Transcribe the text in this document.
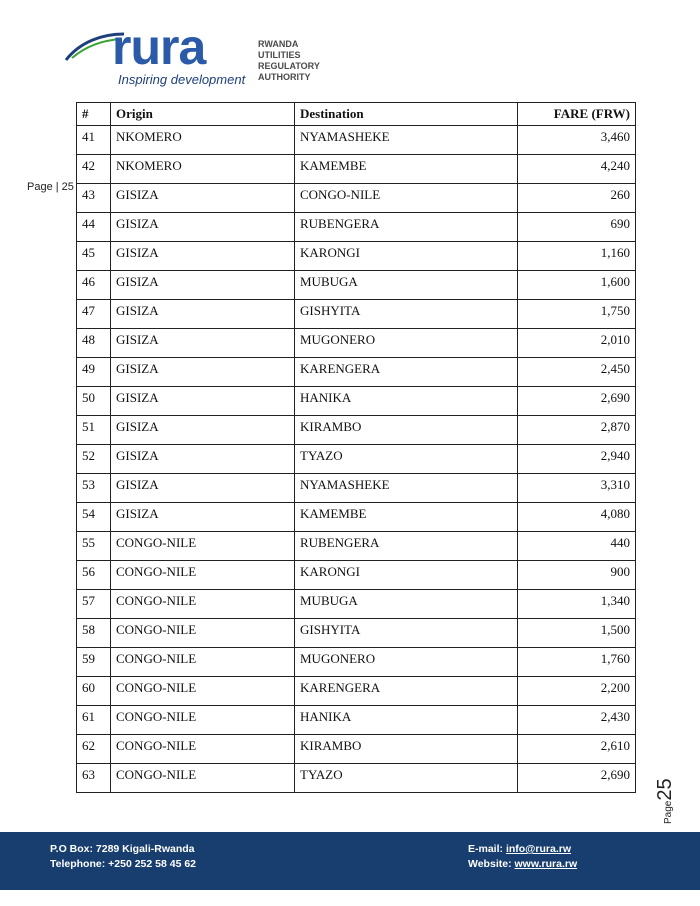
rura
Inspiring development
RWANDA
UTILITIES
REGULATORY
AUTHORITY
Page | 25
#	Origin	Destination	FARE (FRW)
41	NKOMERO	NYAMASHEKE	3,460
42	NKOMERO	KAMEMBE	4,240
43	GISIZA	CONGO-NILE	260
44	GISIZA	RUBENGERA	690
45	GISIZA	KARONGI	1,160
46	GISIZA	MUBUGA	1,600
47	GISIZA	GISHYITA	1,750
48	GISIZA	MUGONERO	2,010
49	GISIZA	KARENGERA	2,450
50	GISIZA	HANIKA	2,690
51	GISIZA	KIRAMBO	2,870
52	GISIZA	TYAZO	2,940
53	GISIZA	NYAMASHEKE	3,310
54	GISIZA	KAMEMBE	4,080
55	CONGO-NILE	RUBENGERA	440
56	CONGO-NILE	KARONGI	900
57	CONGO-NILE	MUBUGA	1,340
58	CONGO-NILE	GISHYITA	1,500
59	CONGO-NILE	MUGONERO	1,760
60	CONGO-NILE	KARENGERA	2,200
61	CONGO-NILE	HANIKA	2,430
62	CONGO-NILE	KIRAMBO	2,610
63	CONGO-NILE	TYAZO	2,690
Page25
P.O Box: 7289 Kigali-Rwanda
Telephone: +250 252 58 45 62
E-mail: info@rura.rw
Website: www.rura.rw
